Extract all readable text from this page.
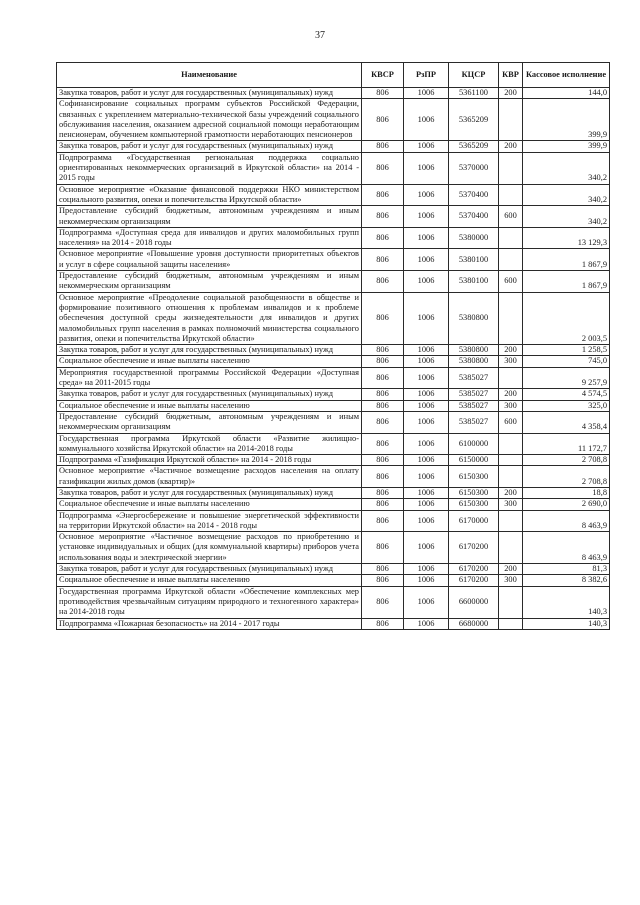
37
Наименование	КВСР	РзПР	КЦСР	КВР	Кассовое исполнение
Закупка товаров, работ и услуг для государственных (муниципальных) нужд	806	1006	5361100	200	144,0
Софинансирование социальных программ субъектов Российской Федерации, связанных с укреплением материально-технической базы учреждений социального обслуживания населения, оказанием адресной социальной помощи неработающим пенсионерам, обучением компьютерной грамотности неработающих пенсионеров	806	1006	5365209		399,9
Закупка товаров, работ и услуг для государственных (муниципальных) нужд	806	1006	5365209	200	399,9
Подпрограмма «Государственная региональная поддержка социально ориентированных некоммерческих организаций в Иркутской области» на 2014 - 2015 годы	806	1006	5370000		340,2
Основное мероприятие «Оказание финансовой поддержки НКО министерством социального развития, опеки и попечительства Иркутской области»	806	1006	5370400		340,2
Предоставление субсидий бюджетным, автономным учреждениям и иным некоммерческим организациям	806	1006	5370400	600	340,2
Подпрограмма «Доступная среда для инвалидов и других маломобильных групп населения» на 2014 - 2018 годы	806	1006	5380000		13 129,3
Основное мероприятие «Повышение уровня доступности приоритетных объектов и услуг в сфере социальной защиты населения»	806	1006	5380100		1 867,9
Предоставление субсидий бюджетным, автономным учреждениям и иным некоммерческим организациям	806	1006	5380100	600	1 867,9
Основное мероприятие «Преодоление социальной разобщенности в обществе и формирование позитивного отношения к проблемам инвалидов и к проблеме обеспечения доступной среды жизнедеятельности для инвалидов и других маломобильных групп населения в рамках полномочий министерства социального развития, опеки и попечительства Иркутской области»	806	1006	5380800		2 003,5
Закупка товаров, работ и услуг для государственных (муниципальных) нужд	806	1006	5380800	200	1 258,5
Социальное обеспечение и иные выплаты населению	806	1006	5380800	300	745,0
Мероприятия государственной программы Российской Федерации «Доступная среда» на 2011-2015 годы	806	1006	5385027		9 257,9
Закупка товаров, работ и услуг для государственных (муниципальных) нужд	806	1006	5385027	200	4 574,5
Социальное обеспечение и иные выплаты населению	806	1006	5385027	300	325,0
Предоставление субсидий бюджетным, автономным учреждениям и иным некоммерческим организациям	806	1006	5385027	600	4 358,4
Государственная программа Иркутской области «Развитие жилищно-коммунального хозяйства Иркутской области» на 2014-2018 годы	806	1006	6100000		11 172,7
Подпрограмма «Газификация Иркутской области» на 2014 - 2018 годы	806	1006	6150000		2 708,8
Основное мероприятие «Частичное возмещение расходов населения на оплату газификации жилых домов (квартир)»	806	1006	6150300		2 708,8
Закупка товаров, работ и услуг для государственных (муниципальных) нужд	806	1006	6150300	200	18,8
Социальное обеспечение и иные выплаты населению	806	1006	6150300	300	2 690,0
Подпрограмма «Энергосбережение и повышение энергетической эффективности на территории Иркутской области» на 2014 - 2018 годы	806	1006	6170000		8 463,9
Основное мероприятие «Частичное возмещение расходов по приобретению и установке индивидуальных и общих (для коммунальной квартиры) приборов учета использования воды и электрической энергии»	806	1006	6170200		8 463,9
Закупка товаров, работ и услуг для государственных (муниципальных) нужд	806	1006	6170200	200	81,3
Социальное обеспечение и иные выплаты населению	806	1006	6170200	300	8 382,6
Государственная программа Иркутской области «Обеспечение комплексных мер противодействия чрезвычайным ситуациям природного и техногенного характера» на 2014-2018 годы	806	1006	6600000		140,3
Подпрограмма «Пожарная безопасность» на 2014 - 2017 годы	806	1006	6680000		140,3
